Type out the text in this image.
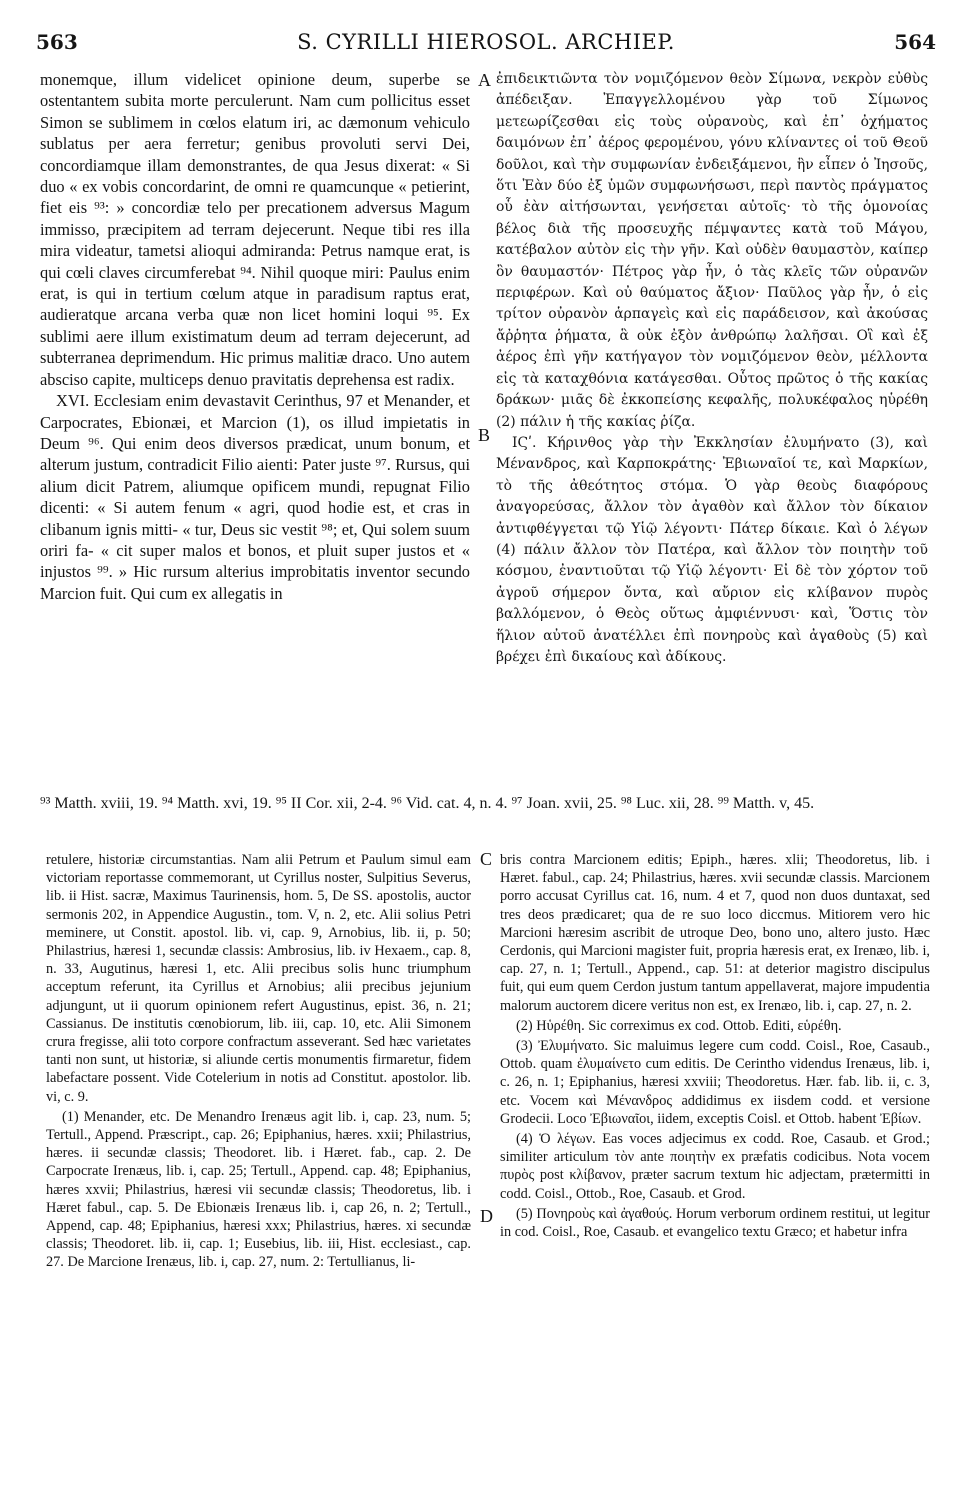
563	S. CYRILLI HIEROSOL. ARCHIEP.	564
A
B
C
D

monemque, illum videlicet opinione deum, superbe se ostentantem subita morte perculerunt. Nam cum pollicitus esset Simon se sublimem in cœlos elatum iri, ac dæmonum vehiculo sublatus per aera ferretur; genibus provoluti servi Dei, concordiamque illam demonstrantes, de qua Jesus dixerat: « Si duo « ex vobis concordarint, de omni re quamcunque « petierint, fiet eis ⁹³: » concordiæ telo per precationem adversus Magum immisso, præcipitem ad terram dejecerunt. Neque tibi res illa mira videatur, tametsi alioqui admiranda: Petrus namque erat, is qui cœli claves circumferebat ⁹⁴. Nihil quoque miri: Paulus enim erat, is qui in tertium cœlum atque in paradisum raptus erat, audieratque arcana verba quæ non licet homini loqui ⁹⁵. Ex sublimi aere illum existimatum deum ad terram dejecerunt, ad subterranea deprimendum. Hic primus malitiæ draco. Uno autem absciso capite, multiceps denuo pravitatis deprehensa est radix.

XVI. Ecclesiam enim devastavit Cerinthus, 97 et Menander, et Carpocrates, Ebionæi, et Marcion (1), os illud impietatis in Deum ⁹⁶. Qui enim deos diversos prædicat, unum bonum, et alterum justum, contradicit Filio aienti: Pater juste ⁹⁷. Rursus, qui alium dicit Patrem, aliumque opificem mundi, repugnat Filio dicenti: « Si autem fenum « agri, quod hodie est, et cras in clibanum ignis mitti- « tur, Deus sic vestit ⁹⁸; et, Qui solem suum oriri fa- « cit super malos et bonos, et pluit super justos et « injustos ⁹⁹. » Hic rursum alterius improbitatis inventor secundo Marcion fuit. Qui cum ex allegatis in

ἐπιδεικτιῶντα τὸν νομιζόμενον θεὸν Σίμωνα, νεκρὸν εὐθὺς ἀπέδειξαν. Ἐπαγγελλομένου γὰρ τοῦ Σίμωνος μετεωρίζεσθαι εἰς τοὺς οὐρανοὺς, καὶ ἐπ᾽ ὀχήματος δαιμόνων ἐπ᾽ ἀέρος φερομένου, γόνυ κλίναντες οἱ τοῦ Θεοῦ δοῦλοι, καὶ τὴν συμφωνίαν ἐνδειξάμενοι, ἣν εἶπεν ὁ Ἰησοῦς, ὅτι Ἐὰν δύο ἐξ ὑμῶν συμφωνήσωσι, περὶ παντὸς πράγματος οὗ ἐὰν αἰτήσωνται, γενήσεται αὐτοῖς· τὸ τῆς ὁμονοίας βέλος διὰ τῆς προσευχῆς πέμψαντες κατὰ τοῦ Μάγου, κατέβαλον αὐτὸν εἰς τὴν γῆν. Καὶ οὐδὲν θαυμαστὸν, καίπερ ὂν θαυμαστόν· Πέτρος γὰρ ἦν, ὁ τὰς κλεῖς τῶν οὐρανῶν περιφέρων. Καὶ οὐ θαύματος ἄξιον· Παῦλος γὰρ ἦν, ὁ εἰς τρίτον οὐρανὸν ἁρπαγεὶς καὶ εἰς παράδεισον, καὶ ἀκούσας ἄῤῥητα ῥήματα, ἃ οὐκ ἐξὸν ἀνθρώπῳ λαλῆσαι. Οἳ καὶ ἐξ ἀέρος ἐπὶ γῆν κατήγαγον τὸν νομιζόμενον θεὸν, μέλλοντα εἰς τὰ καταχθόνια κατάγεσθαι. Οὗτος πρῶτος ὁ τῆς κακίας δράκων· μιᾶς δὲ ἐκκοπείσης κεφαλῆς, πολυκέφαλος ηὑρέθη (2) πάλιν ἡ τῆς κακίας ῥίζα.

ΙϚʹ. Κήρινθος γὰρ τὴν Ἐκκλησίαν ἐλυμήνατο (3), καὶ Μένανδρος, καὶ Καρποκράτης· Ἐβιωναῖοί τε, καὶ Μαρκίων, τὸ τῆς ἀθεότητος στόμα. Ὁ γὰρ θεοὺς διαφόρους ἀναγορεύσας, ἄλλον τὸν ἀγαθὸν καὶ ἄλλον τὸν δίκαιον ἀντιφθέγγεται τῷ Υἱῷ λέγοντι· Πάτερ δίκαιε. Καὶ ὁ λέγων (4) πάλιν ἄλλον τὸν Πατέρα, καὶ ἄλλον τὸν ποιητὴν τοῦ κόσμου, ἐναντιοῦται τῷ Υἱῷ λέγοντι· Εἰ δὲ τὸν χόρτον τοῦ ἀγροῦ σήμερον ὄντα, καὶ αὔριον εἰς κλίβανον πυρὸς βαλλόμενον, ὁ Θεὸς οὕτως ἀμφιέννυσι· καὶ, Ὅστις τὸν ἥλιον αὐτοῦ ἀνατέλλει ἐπὶ πονηροὺς καὶ ἀγαθοὺς (5) καὶ βρέχει ἐπὶ δικαίους καὶ ἀδίκους.

⁹³ Matth. xviii, 19. ⁹⁴ Matth. xvi, 19. ⁹⁵ II Cor. xii, 2-4. ⁹⁶ Vid. cat. 4, n. 4. ⁹⁷ Joan. xvii, 25. ⁹⁸ Luc. xii, 28. ⁹⁹ Matth. v, 45.

retulere, historiæ circumstantias. Nam alii Petrum et Paulum simul eam victoriam reportasse commemorant, ut Cyrillus noster, Sulpitius Severus, lib. ii Hist. sacræ, Maximus Taurinensis, hom. 5, De SS. apostolis, auctor sermonis 202, in Appendice Augustin., tom. V, n. 2, etc. Alii solius Petri meminere, ut Constit. apostol. lib. vi, cap. 9, Arnobius, lib. ii, p. 50; Philastrius, hæresi 1, secundæ classis: Ambrosius, lib. iv Hexaem., cap. 8, n. 33, Augutinus, hæresi 1, etc. Alii precibus solis hunc triumphum acceptum referunt, ita Cyrillus et Arnobius; alii precibus jejunium adjungunt, ut ii quorum opinionem refert Augustinus, epist. 36, n. 21; Cassianus. De institutis cœnobiorum, lib. iii, cap. 10, etc. Alii Simonem crura fregisse, alii toto corpore confractum asseverant. Sed hæc varietates tanti non sunt, ut historiæ, si aliunde certis monumentis firmaretur, fidem labefactare possent. Vide Cotelerium in notis ad Constitut. apostolor. lib. vi, c. 9.

(1) Menander, etc. De Menandro Irenæus agit lib. i, cap. 23, num. 5; Tertull., Append. Præscript., cap. 26; Epiphanius, hæres. xxii; Philastrius, hæres. ii secundæ classis; Theodoret. lib. i Hæret. fab., cap. 2. De Carpocrate Irenæus, lib. i, cap. 25; Tertull., Append. cap. 48; Epiphanius, hæres xxvii; Philastrius, hæresi vii secundæ classis; Theodoretus, lib. i Hæret fabul., cap. 5. De Ebionæis Irenæus lib. i, cap 26, n. 2; Tertull., Append, cap. 48; Epiphanius, hæresi xxx; Philastrius, hæres. xi secundæ classis; Theodoret. lib. ii, cap. 1; Eusebius, lib. iii, Hist. ecclesiast., cap. 27. De Marcione Irenæus, lib. i, cap. 27, num. 2: Tertullianus, li-

bris contra Marcionem editis; Epiph., hæres. xlii; Theodoretus, lib. i Hæret. fabul., cap. 24; Philastrius, hæres. xvii secundæ classis. Marcionem porro accusat Cyrillus cat. 16, num. 4 et 7, quod non duos duntaxat, sed tres deos prædicaret; qua de re suo loco diccmus. Mitiorem vero hic Marcioni hæresim ascribit de utroque Deo, bono uno, altero justo. Hæc Cerdonis, qui Marcioni magister fuit, propria hæresis erat, ex Irenæo, lib. i, cap. 27, n. 1; Tertull., Append., cap. 51: at deterior magistro discipulus fuit, qui eum quem Cerdon justum tantum appellaverat, majore impudentia malorum auctorem dicere veritus non est, ex Irenæo, lib. i, cap. 27, n. 2.

(2) Ηὑρέθη. Sic correximus ex cod. Ottob. Editi, εὑρέθη.

(3) Ἐλυμήνατο. Sic maluimus legere cum codd. Coisl., Roe, Casaub., Ottob. quam ἐλυμαίνετο cum editis. De Cerintho videndus Irenæus, lib. i, c. 26, n. 1; Epiphanius, hæresi xxviii; Theodoretus. Hær. fab. lib. ii, c. 3, etc. Vocem καὶ Μένανδρος addidimus ex iisdem codd. et versione Grodecii. Loco Ἐβιωναῖοι, iidem, exceptis Coisl. et Ottob. habent Ἐβίων.

(4) Ὁ λέγων. Eas voces adjecimus ex codd. Roe, Casaub. et Grod.; similiter articulum τὸν ante ποιητὴν ex præfatis codicibus. Nota vocem πυρὸς post κλίβανον, præter sacrum textum hic adjectam, prætermitti in codd. Coisl., Ottob., Roe, Casaub. et Grod.

(5) Πονηροὺς καὶ ἀγαθούς. Horum verborum ordinem restitui, ut legitur in cod. Coisl., Roe, Casaub. et evangelico textu Græco; et habetur infra
